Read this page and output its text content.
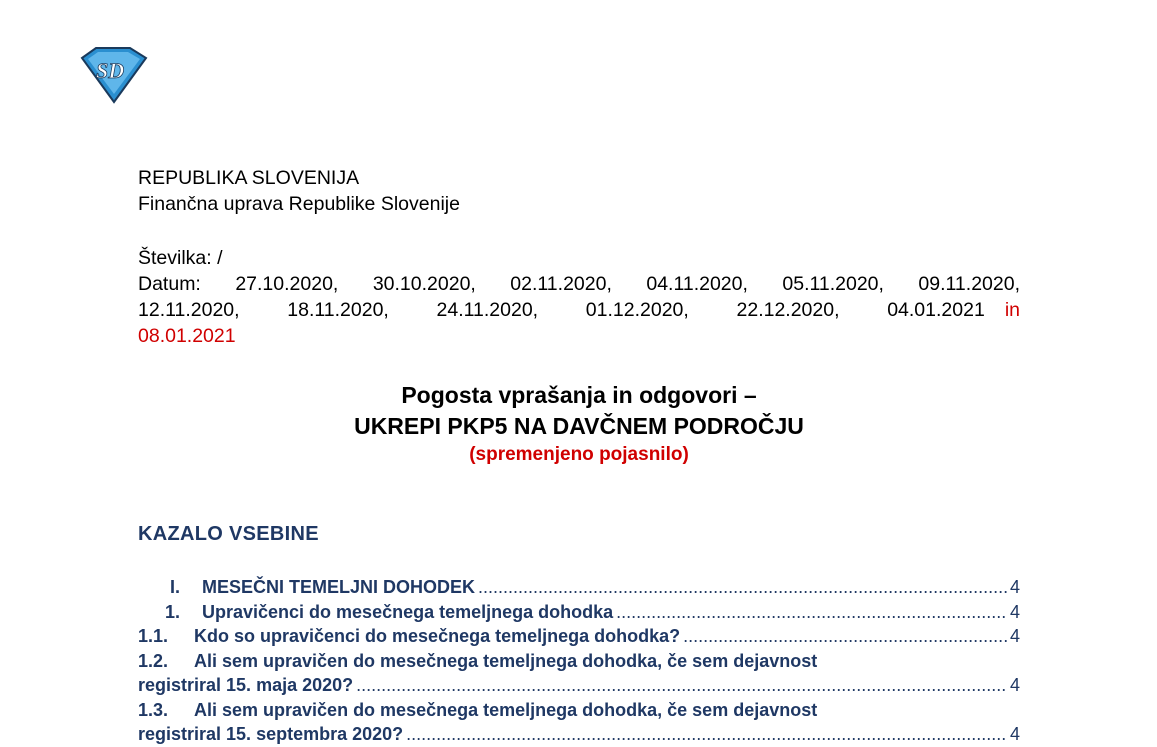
SD
REPUBLIKA SLOVENIJA
Finančna uprava Republike Slovenije
Številka: /
Datum: 27.10.2020, 30.10.2020, 02.11.2020, 04.11.2020, 05.11.2020, 09.11.2020,
12.11.2020, 18.11.2020, 24.11.2020, 01.12.2020, 22.12.2020, 04.01.2021 in
08.01.2021
Pogosta vprašanja in odgovori –
UKREPI PKP5 NA DAVČNEM PODROČJU
(spremenjeno pojasnilo)
KAZALO VSEBINE
I. MESEČNI TEMELJNI DOHODEK .....	4
1. Upravičenci do mesečnega temeljnega dohodka .....	4
1.1. Kdo so upravičenci do mesečnega temeljnega dohodka? .....	4
1.2. Ali sem upravičen do mesečnega temeljnega dohodka, če sem dejavnost
registriral 15. maja 2020? .....	4
1.3. Ali sem upravičen do mesečnega temeljnega dohodka, če sem dejavnost
registriral 15. septembra 2020? .....	4
